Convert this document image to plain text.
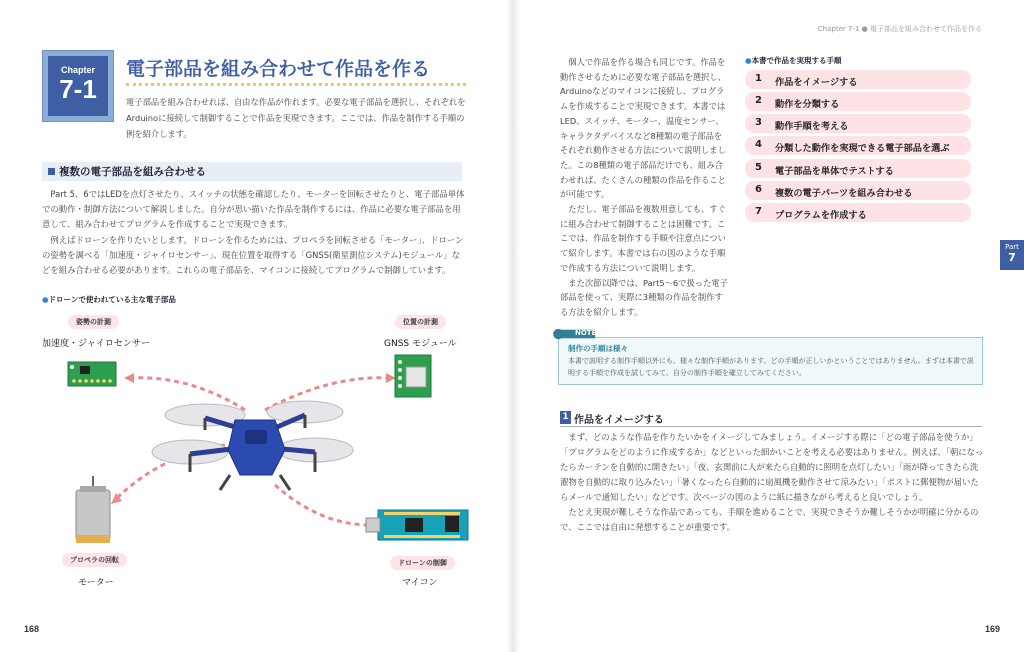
Chapter 7-1 ● 電子部品を組み合わせて作品を作る
Chapter
7-1
電子部品を組み合わせて作品を作る
電子部品を組み合わせれば、自由な作品が作れます。必要な電子部品を選択し、それぞれをArduinoに接続して制御することで作品を実現できます。ここでは、作品を制作する手順の例を紹介します。
複数の電子部品を組み合わせる

Part 5、6ではLEDを点灯させたり、スイッチの状態を確認したり、モーターを回転させたりと、電子部品単体での動作・制御方法について解説しました。自分が思い描いた作品を制作するには、作品に必要な電子部品を用意して、組み合わせてプログラムを作成することで実現できます。

例えばドローンを作りたいとします。ドローンを作るためには、プロペラを回転させる「モーター」、ドローンの姿勢を調べる「加速度・ジャイロセンサー」、現在位置を取得する「GNSS(衛星測位システム)モジュール」などを組み合わせる必要があります。これらの電子部品を、マイコンに接続してプログラムで制御しています。

●ドローンで使われている主な電子部品
姿勢の計測
加速度・ジャイロセンサー
位置の計測
GNSS モジュール
プロペラの回転
モーター
ドローンの制御
マイコン
168

個人で作品を作る場合も同じです。作品を動作させるために必要な電子部品を選択し、Arduinoなどのマイコンに接続し、プログラムを作成することで実現できます。本書ではLED、スイッチ、モーター、温度センサー、キャラクタデバイスなど8種類の電子部品をそれぞれ動作させる方法について説明しました。この8種類の電子部品だけでも、組み合わせれば、たくさんの種類の作品を作ることが可能です。

ただし、電子部品を複数用意しても、すぐに組み合わせて制御することは困難です。ここでは、作品を制作する手順や注意点について紹介します。本書では右の図のような手順で作成する方法について説明します。

また次節以降では、Part5～6で扱った電子部品を使って、実際に3種類の作品を制作する方法を紹介します。

●本書で作品を実現する手順
1 作品をイメージする
2 動作を分類する
3 動作手順を考える
4 分類した動作を実現できる電子部品を選ぶ
5 電子部品を単体でテストする
6 複数の電子パーツを組み合わせる
7 プログラムを作成する
Part
7
NOTE
制作の手順は様々
本書で説明する制作手順以外にも、様々な制作手順があります。どの手順が正しいかということではありません。まずは本書で説明する手順で作成を試してみて、自分の制作手順を確立してみてください。
1 作品をイメージする

まず、どのような作品を作りたいかをイメージしてみましょう。イメージする際に「どの電子部品を使うか」「プログラムをどのように作成するか」などといった細かいことを考える必要はありません。例えば、「朝になったらカーテンを自動的に開きたい」「夜、玄関前に人が来たら自動的に照明を点灯したい」「雨が降ってきたら洗濯物を自動的に取り込みたい」「暑くなったら自動的に扇風機を動作させて涼みたい」「ポストに郵便物が届いたらメールで通知したい」などです。次ページの図のように紙に描きながら考えると良いでしょう。

たとえ実現が難しそうな作品であっても、手順を進めることで、実現できそうか難しそうかが明確に分かるので、ここでは自由に発想することが重要です。

169
